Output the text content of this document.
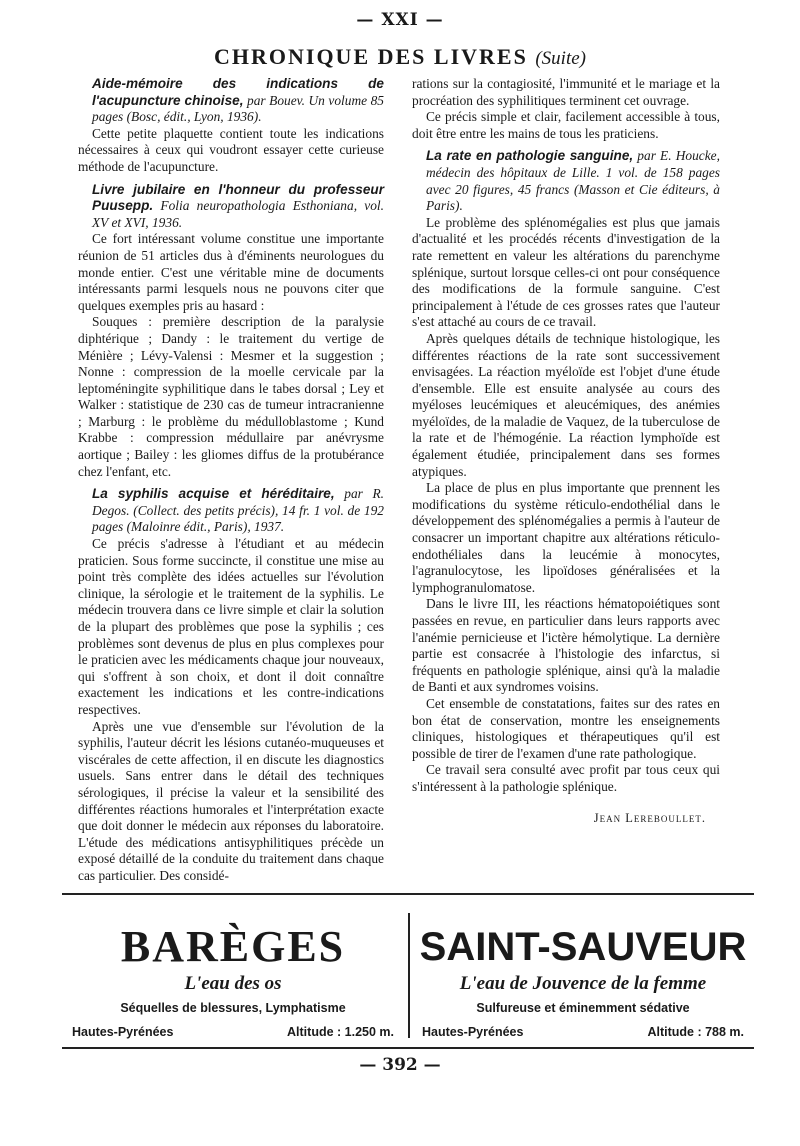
— XXI —
CHRONIQUE DES LIVRES (Suite)

Aide-mémoire des indications de l'acupuncture chinoise, par Bouev. Un volume 85 pages (Bosc, édit., Lyon, 1936).

Cette petite plaquette contient toute les indications nécessaires à ceux qui voudront essayer cette curieuse méthode de l'acupuncture.

Livre jubilaire en l'honneur du professeur Puusepp. Folia neuropathologia Esthoniana, vol. XV et XVI, 1936.

Ce fort intéressant volume constitue une importante réunion de 51 articles dus à d'éminents neurologues du monde entier. C'est une véritable mine de documents intéressants parmi lesquels nous ne pouvons citer que quelques exemples pris au hasard :

Souques : première description de la paralysie diphtérique ; Dandy : le traitement du vertige de Ménière ; Lévy-Valensi : Mesmer et la suggestion ; Nonne : compression de la moelle cervicale par la leptoméningite syphilitique dans le tabes dorsal ; Ley et Walker : statistique de 230 cas de tumeur intracranienne ; Marburg : le problème du médulloblastome ; Kund Krabbe : compression médullaire par anévrysme aortique ; Bailey : les gliomes diffus de la protubérance chez l'enfant, etc.

La syphilis acquise et héréditaire, par R. Degos. (Collect. des petits précis), 14 fr. 1 vol. de 192 pages (Maloinre édit., Paris), 1937.

Ce précis s'adresse à l'étudiant et au médecin praticien. Sous forme succincte, il constitue une mise au point très complète des idées actuelles sur l'évolution clinique, la sérologie et le traitement de la syphilis. Le médecin trouvera dans ce livre simple et clair la solution de la plupart des problèmes que pose la syphilis ; ces problèmes sont devenus de plus en plus complexes pour le praticien avec les médicaments chaque jour nouveaux, qui s'offrent à son choix, et dont il doit connaître exactement les indications et les contre-indications respectives.

Après une vue d'ensemble sur l'évolution de la syphilis, l'auteur décrit les lésions cutanéo-muqueuses et viscérales de cette affection, il en discute les diagnostics usuels. Sans entrer dans le détail des techniques sérologiques, il précise la valeur et la sensibilité des différentes réactions humorales et l'interprétation exacte que doit donner le médecin aux réponses du laboratoire. L'étude des médications antisyphilitiques précède un exposé détaillé de la conduite du traitement dans chaque cas particulier. Des considé-

rations sur la contagiosité, l'immunité et le mariage et la procréation des syphilitiques terminent cet ouvrage.

Ce précis simple et clair, facilement accessible à tous, doit être entre les mains de tous les praticiens.

La rate en pathologie sanguine, par E. Houcke, médecin des hôpitaux de Lille. 1 vol. de 158 pages avec 20 figures, 45 francs (Masson et Cie éditeurs, à Paris).

Le problème des splénomégalies est plus que jamais d'actualité et les procédés récents d'investigation de la rate remettent en valeur les altérations du parenchyme splénique, surtout lorsque celles-ci ont pour conséquence des modifications de la formule sanguine. C'est principalement à l'étude de ces grosses rates que l'auteur s'est attaché au cours de ce travail.

Après quelques détails de technique histologique, les différentes réactions de la rate sont successivement envisagées. La réaction myéloïde est l'objet d'une étude d'ensemble. Elle est ensuite analysée au cours des myéloses leucémiques et aleucémiques, des anémies myéloïdes, de la maladie de Vaquez, de la tuberculose de la rate et de l'hémogénie. La réaction lymphoïde est également étudiée, principalement dans ses formes atypiques.

La place de plus en plus importante que prennent les modifications du système réticulo-endothélial dans le développement des splénomégalies a permis à l'auteur de consacrer un important chapitre aux altérations réticulo-endothéliales dans la leucémie à monocytes, l'agranulocytose, les lipoïdoses généralisées et la lymphogranulomatose.

Dans le livre III, les réactions hématopoiétiques sont passées en revue, en particulier dans leurs rapports avec l'anémie pernicieuse et l'ictère hémolytique. La dernière partie est consacrée à l'histologie des infarctus, si fréquents en pathologie splénique, ainsi qu'à la maladie de Banti et aux syndromes voisins.

Cet ensemble de constatations, faites sur des rates en bon état de conservation, montre les enseignements cliniques, histologiques et thérapeutiques qu'il est possible de tirer de l'examen d'une rate pathologique.

Ce travail sera consulté avec profit par tous ceux qui s'intéressent à la pathologie splénique.

Jean Lereboullet.
BARÈGES
L'eau des os
Séquelles de blessures, Lymphatisme
Hautes-Pyrénées	Altitude : 1.250 m.
SAINT-SAUVEUR
L'eau de Jouvence de la femme
Sulfureuse et éminemment sédative
Hautes-Pyrénées	Altitude : 788 m.
— 392 —
